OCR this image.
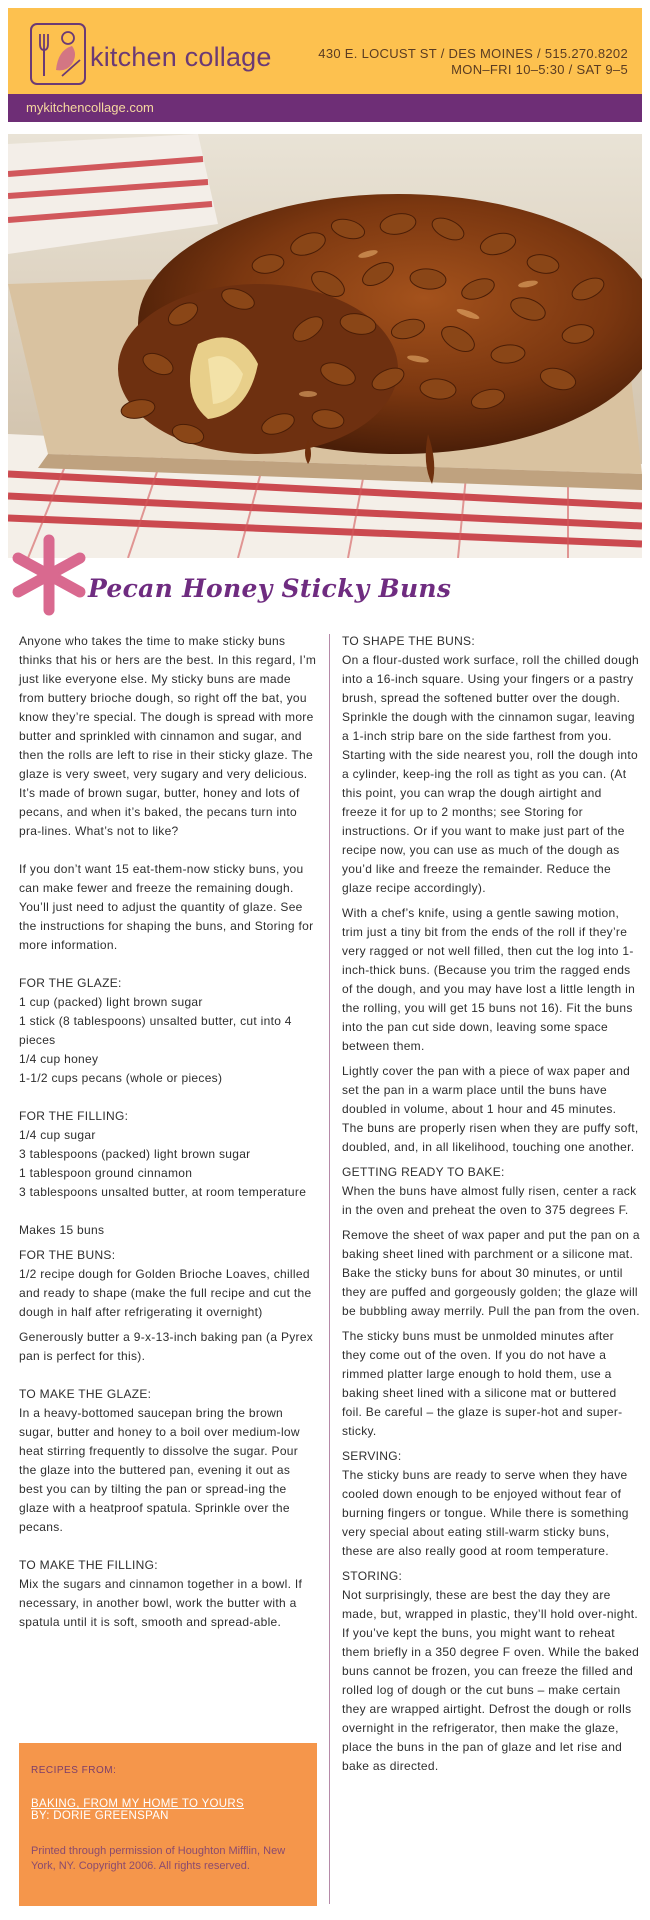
kitchen collage	430 E. LOCUST ST / DES MOINES / 515.270.8202
MON–FRI 10–5:30 / SAT 9–5
mykitchencollage.com
Pecan Honey Sticky Buns

Anyone who takes the time to make sticky buns thinks that his or hers are the best. In this regard, I’m just like everyone else. My sticky buns are made from buttery brioche dough, so right off the bat, you know they’re special. The dough is spread with more butter and sprinkled with cinnamon and sugar, and then the rolls are left to rise in their sticky glaze. The glaze is very sweet, very sugary and very delicious. It’s made of brown sugar, butter, honey and lots of pecans, and when it’s baked, the pecans turn into pra-lines. What’s not to like?

If you don’t want 15 eat-them-now sticky buns, you can make fewer and freeze the remaining dough. You’ll just need to adjust the quantity of glaze. See the instructions for shaping the buns, and Storing for more information.

FOR THE GLAZE:

1 cup (packed) light brown sugar
1 stick (8 tablespoons) unsalted butter, cut into 4 pieces
1/4 cup honey
1-1/2 cups pecans (whole or pieces)

FOR THE FILLING:

1/4 cup sugar
3 tablespoons (packed) light brown sugar
1 tablespoon ground cinnamon
3 tablespoons unsalted butter, at room temperature

Makes 15 buns

FOR THE BUNS:

1/2 recipe dough for Golden Brioche Loaves, chilled and ready to shape (make the full recipe and cut the dough in half after refrigerating it overnight)

Generously butter a 9-x-13-inch baking pan (a Pyrex pan is perfect for this).

TO MAKE THE GLAZE:

In a heavy-bottomed saucepan bring the brown sugar, butter and honey to a boil over medium-low heat stirring frequently to dissolve the sugar. Pour the glaze into the buttered pan, evening it out as best you can by tilting the pan or spread-ing the glaze with a heatproof spatula. Sprinkle over the pecans.

TO MAKE THE FILLING:

Mix the sugars and cinnamon together in a bowl. If necessary, in another bowl, work the butter with a spatula until it is soft, smooth and spread-able.

RECIPES FROM:
BAKING, FROM MY HOME TO YOURS
BY: DORIE GREENSPAN
Printed through permission of Houghton Mifflin, New York, NY. Copyright 2006. All rights reserved.
TO SHAPE THE BUNS:

On a flour-dusted work surface, roll the chilled dough into a 16-inch square. Using your fingers or a pastry brush, spread the softened butter over the dough. Sprinkle the dough with the cinnamon sugar, leaving a 1-inch strip bare on the side farthest from you. Starting with the side nearest you, roll the dough into a cylinder, keep-ing the roll as tight as you can. (At this point, you can wrap the dough airtight and freeze it for up to 2 months; see Storing for instructions. Or if you want to make just part of the recipe now, you can use as much of the dough as you’d like and freeze the remainder. Reduce the glaze recipe accordingly).

With a chef’s knife, using a gentle sawing motion, trim just a tiny bit from the ends of the roll if they’re very ragged or not well filled, then cut the log into 1-inch-thick buns. (Because you trim the ragged ends of the dough, and you may have lost a little length in the rolling, you will get 15 buns not 16). Fit the buns into the pan cut side down, leaving some space between them.

Lightly cover the pan with a piece of wax paper and set the pan in a warm place until the buns have doubled in volume, about 1 hour and 45 minutes. The buns are properly risen when they are puffy soft, doubled, and, in all likelihood, touching one another.

GETTING READY TO BAKE:

When the buns have almost fully risen, center a rack in the oven and preheat the oven to 375 degrees F.

Remove the sheet of wax paper and put the pan on a baking sheet lined with parchment or a silicone mat. Bake the sticky buns for about 30 minutes, or until they are puffed and gorgeously golden; the glaze will be bubbling away merrily. Pull the pan from the oven.

The sticky buns must be unmolded minutes after they come out of the oven. If you do not have a rimmed platter large enough to hold them, use a baking sheet lined with a silicone mat or buttered foil. Be careful – the glaze is super-hot and super-sticky.

SERVING:

The sticky buns are ready to serve when they have cooled down enough to be enjoyed without fear of burning fingers or tongue. While there is something very special about eating still-warm sticky buns, these are also really good at room temperature.

STORING:

Not surprisingly, these are best the day they are made, but, wrapped in plastic, they’ll hold over-night. If you’ve kept the buns, you might want to reheat them briefly in a 350 degree F oven. While the baked buns cannot be frozen, you can freeze the filled and rolled log of dough or the cut buns – make certain they are wrapped airtight. Defrost the dough or rolls overnight in the refrigerator, then make the glaze, place the buns in the pan of glaze and let rise and bake as directed.
